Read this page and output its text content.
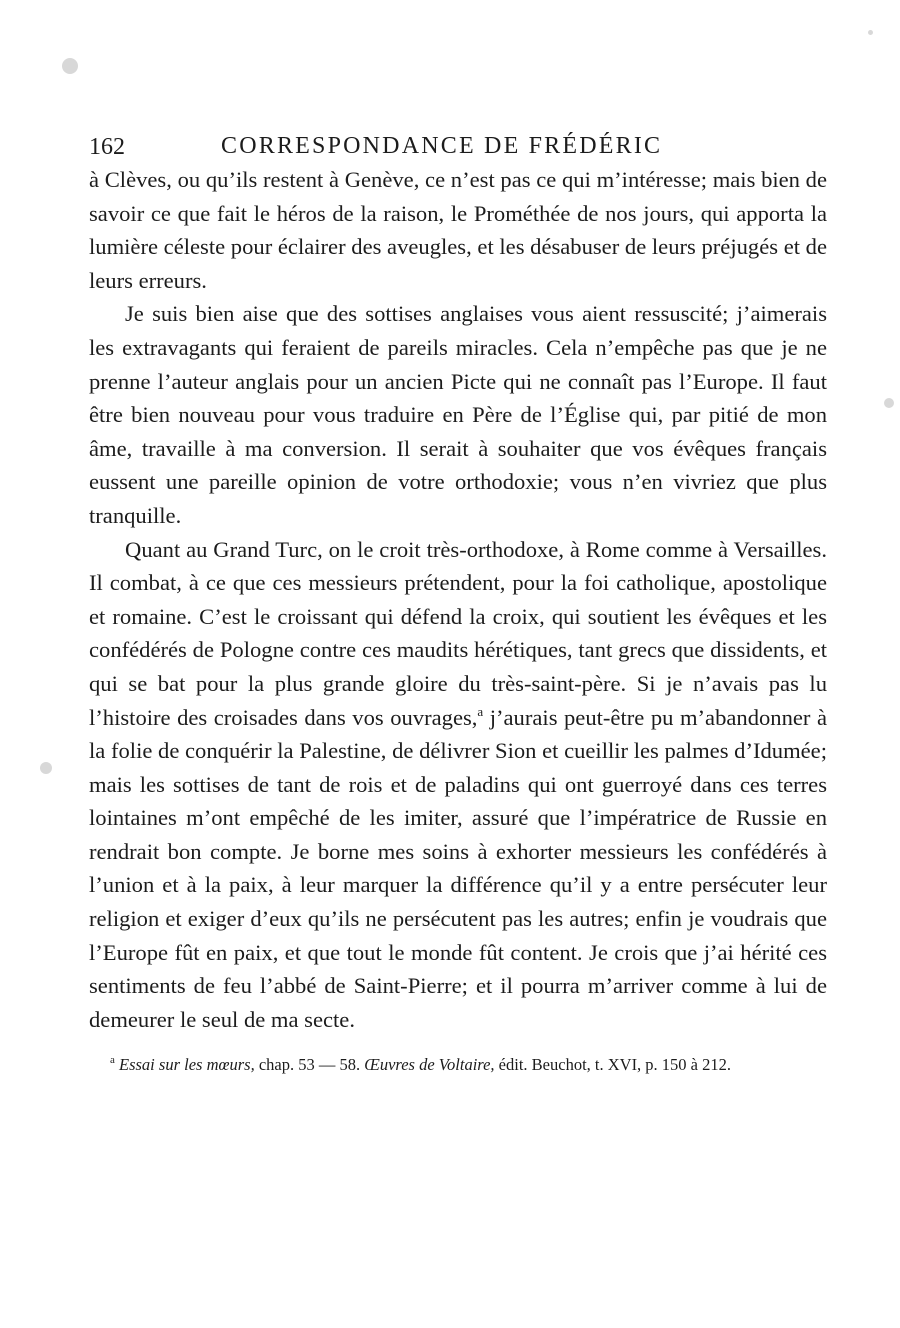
162	CORRESPONDANCE DE FRÉDÉRIC

à Clèves, ou qu’ils restent à Genève, ce n’est pas ce qui m’intéresse; mais bien de savoir ce que fait le héros de la raison, le Prométhée de nos jours, qui apporta la lumière céleste pour éclairer des aveugles, et les désabuser de leurs préjugés et de leurs erreurs.

Je suis bien aise que des sottises anglaises vous aient ressuscité; j’aimerais les extravagants qui feraient de pareils miracles. Cela n’empêche pas que je ne prenne l’auteur anglais pour un ancien Picte qui ne connaît pas l’Europe. Il faut être bien nouveau pour vous traduire en Père de l’Église qui, par pitié de mon âme, travaille à ma conversion. Il serait à souhaiter que vos évêques français eussent une pareille opinion de votre orthodoxie; vous n’en vivriez que plus tranquille.

Quant au Grand Turc, on le croit très-orthodoxe, à Rome comme à Versailles. Il combat, à ce que ces messieurs prétendent, pour la foi catholique, apostolique et romaine. C’est le croissant qui défend la croix, qui soutient les évêques et les confédérés de Pologne contre ces maudits hérétiques, tant grecs que dissidents, et qui se bat pour la plus grande gloire du très-saint-père. Si je n’avais pas lu l’histoire des croisades dans vos ouvrages,$^a$ j’aurais peut-être pu m’abandonner à la folie de conquérir la Palestine, de délivrer Sion et cueillir les palmes d’Idumée; mais les sottises de tant de rois et de paladins qui ont guerroyé dans ces terres lointaines m’ont empêché de les imiter, assuré que l’impératrice de Russie en rendrait bon compte. Je borne mes soins à exhorter messieurs les confédérés à l’union et à la paix, à leur marquer la différence qu’il y a entre persécuter leur religion et exiger d’eux qu’ils ne persécutent pas les autres; enfin je voudrais que l’Europe fût en paix, et que tout le monde fût content. Je crois que j’ai hérité ces sentiments de feu l’abbé de Saint-Pierre; et il pourra m’arriver comme à lui de demeurer le seul de ma secte.

$^a$ Essai sur les mœurs, chap. 53 — 58. Œuvres de Voltaire, édit. Beuchot, t. XVI, p. 150 à 212.
